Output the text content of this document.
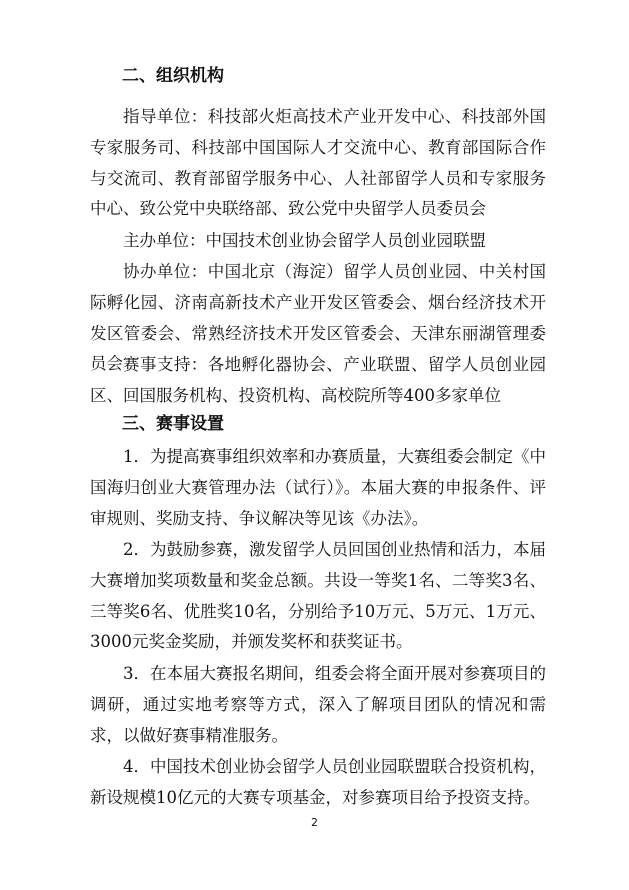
二、组织机构

指导单位：科技部火炬高技术产业开发中心、科技部外国专家服务司、科技部中国国际人才交流中心、教育部国际合作与交流司、教育部留学服务中心、人社部留学人员和专家服务中心、致公党中央联络部、致公党中央留学人员委员会

主办单位：中国技术创业协会留学人员创业园联盟

协办单位：中国北京（海淀）留学人员创业园、中关村国际孵化园、济南高新技术产业开发区管委会、烟台经济技术开发区管委会、常熟经济技术开发区管委会、天津东丽湖管理委员会 赛事支持：各地孵化器协会、产业联盟、留学人员创业园区、回国服务机构、投资机构、高校院所等400多家单位

三、赛事设置

1．为提高赛事组织效率和办赛质量，大赛组委会制定《中国海归创业大赛管理办法（试行）》。本届大赛的申报条件、评审规则、奖励支持、争议解决等见该《办法》。

2．为鼓励参赛，激发留学人员回国创业热情和活力，本届大赛增加奖项数量和奖金总额。共设一等奖1名、二等奖3名、三等奖6名、优胜奖10名，分别给予10万元、5万元、1万元、3000元奖金奖励，并颁发奖杯和获奖证书。

3．在本届大赛报名期间，组委会将全面开展对参赛项目的调研，通过实地考察等方式，深入了解项目团队的情况和需求，以做好赛事精准服务。

4．中国技术创业协会留学人员创业园联盟联合投资机构，新设规模10亿元的大赛专项基金，对参赛项目给予投资支持。

2
